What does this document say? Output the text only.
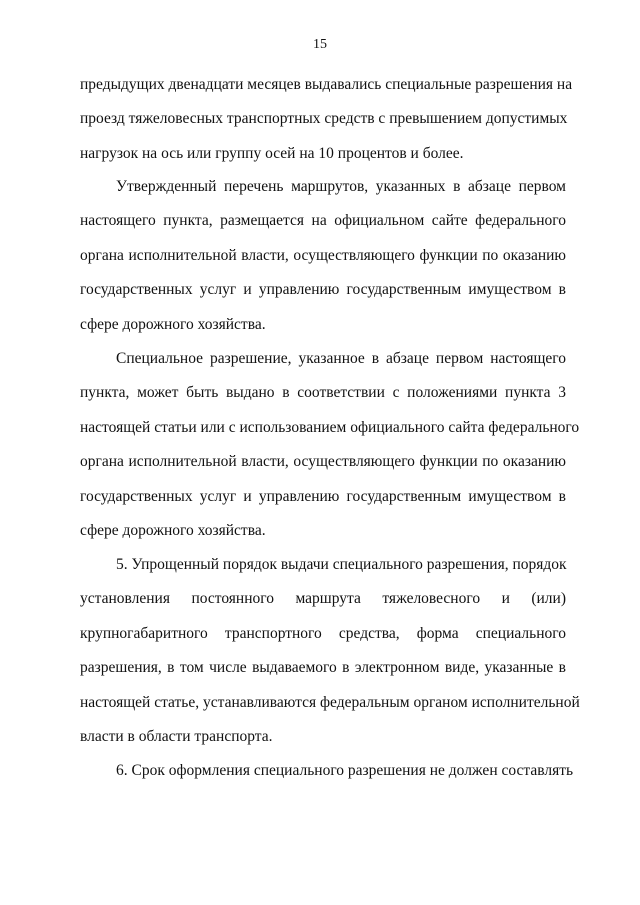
15
предыдущих двенадцати месяцев выдавались специальные разрешения на
проезд тяжеловесных транспортных средств с превышением допустимых
нагрузок на ось или группу осей на 10 процентов и более.
Утвержденный перечень маршрутов, указанных в абзаце первом
настоящего пункта, размещается на официальном сайте федерального
органа исполнительной власти, осуществляющего функции по оказанию
государственных услуг и управлению государственным имуществом в
сфере дорожного хозяйства.
Специальное разрешение, указанное в абзаце первом настоящего
пункта, может быть выдано в соответствии с положениями пункта 3
настоящей статьи или с использованием официального сайта федерального
органа исполнительной власти, осуществляющего функции по оказанию
государственных услуг и управлению государственным имуществом в
сфере дорожного хозяйства.
5. Упрощенный порядок выдачи специального разрешения, порядок
установления постоянного маршрута тяжеловесного и (или)
крупногабаритного транспортного средства, форма специального
разрешения, в том числе выдаваемого в электронном виде, указанные в
настоящей статье, устанавливаются федеральным органом исполнительной
власти в области транспорта.
6. Срок оформления специального разрешения не должен составлять
